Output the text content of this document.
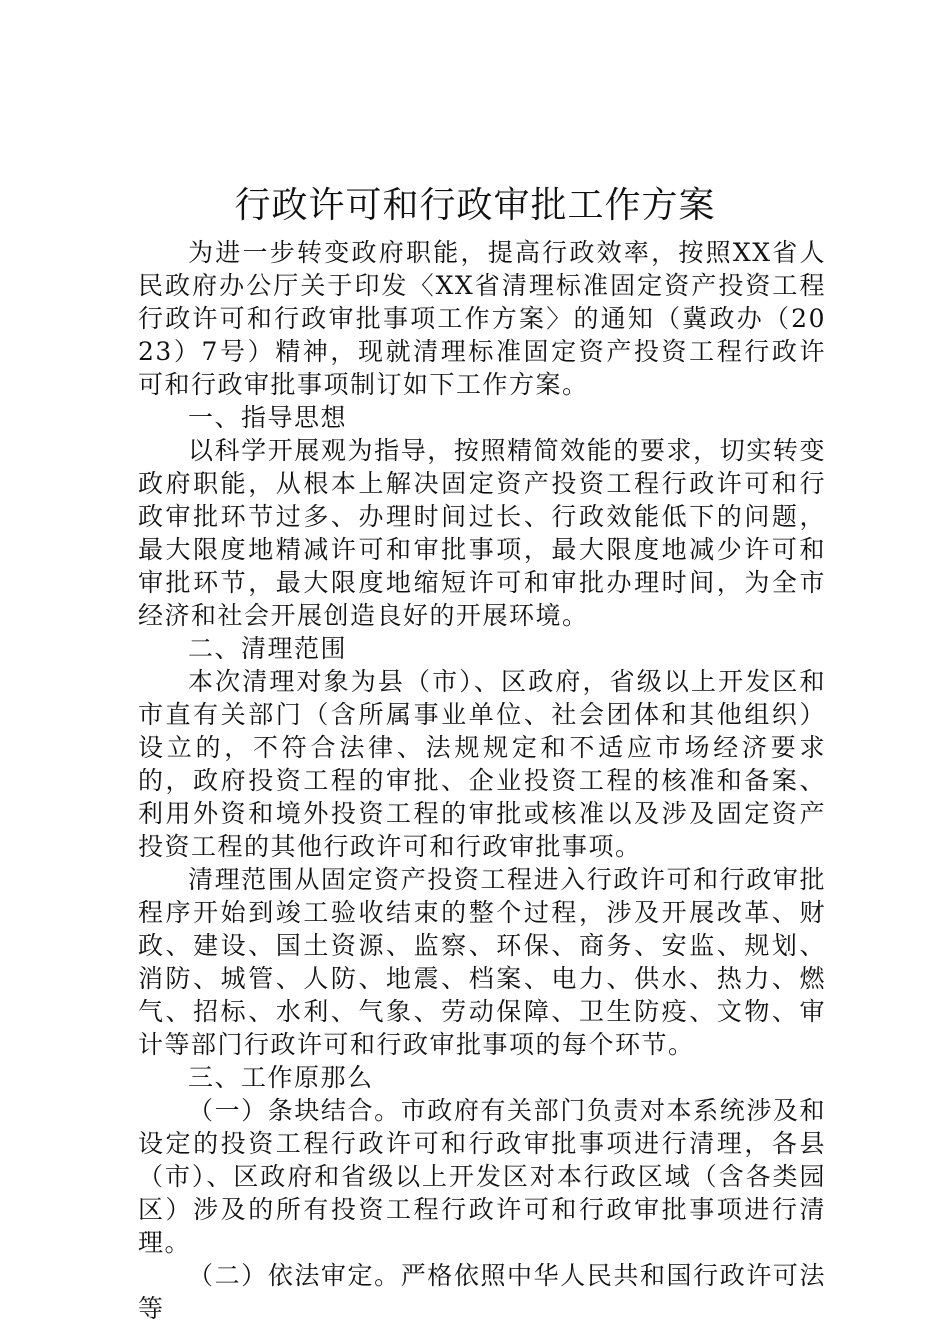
行政许可和行政审批工作方案

为进一步转变政府职能，提高行政效率，按照XX省人民政府办公厅关于印发〈XX省清理标准固定资产投资工程行政许可和行政审批事项工作方案〉的通知（冀政办（2023）7号）精神，现就清理标准固定资产投资工程行政许可和行政审批事项制订如下工作方案。

一、指导思想

以科学开展观为指导，按照精简效能的要求，切实转变政府职能，从根本上解决固定资产投资工程行政许可和行政审批环节过多、办理时间过长、行政效能低下的问题，最大限度地精减许可和审批事项，最大限度地减少许可和审批环节，最大限度地缩短许可和审批办理时间，为全市经济和社会开展创造良好的开展环境。

二、清理范围

本次清理对象为县（市）、区政府，省级以上开发区和市直有关部门（含所属事业单位、社会团体和其他组织）设立的，不符合法律、法规规定和不适应市场经济要求的，政府投资工程的审批、企业投资工程的核准和备案、利用外资和境外投资工程的审批或核准以及涉及固定资产投资工程的其他行政许可和行政审批事项。

清理范围从固定资产投资工程进入行政许可和行政审批程序开始到竣工验收结束的整个过程，涉及开展改革、财政、建设、国土资源、监察、环保、商务、安监、规划、消防、城管、人防、地震、档案、电力、供水、热力、燃气、招标、水利、气象、劳动保障、卫生防疫、文物、审计等部门行政许可和行政审批事项的每个环节。

三、工作原那么

（一）条块结合。市政府有关部门负责对本系统涉及和设定的投资工程行政许可和行政审批事项进行清理，各县（市）、区政府和省级以上开发区对本行政区域（含各类园区）涉及的所有投资工程行政许可和行政审批事项进行清理。

（二）依法审定。严格依照中华人民共和国行政许可法等
